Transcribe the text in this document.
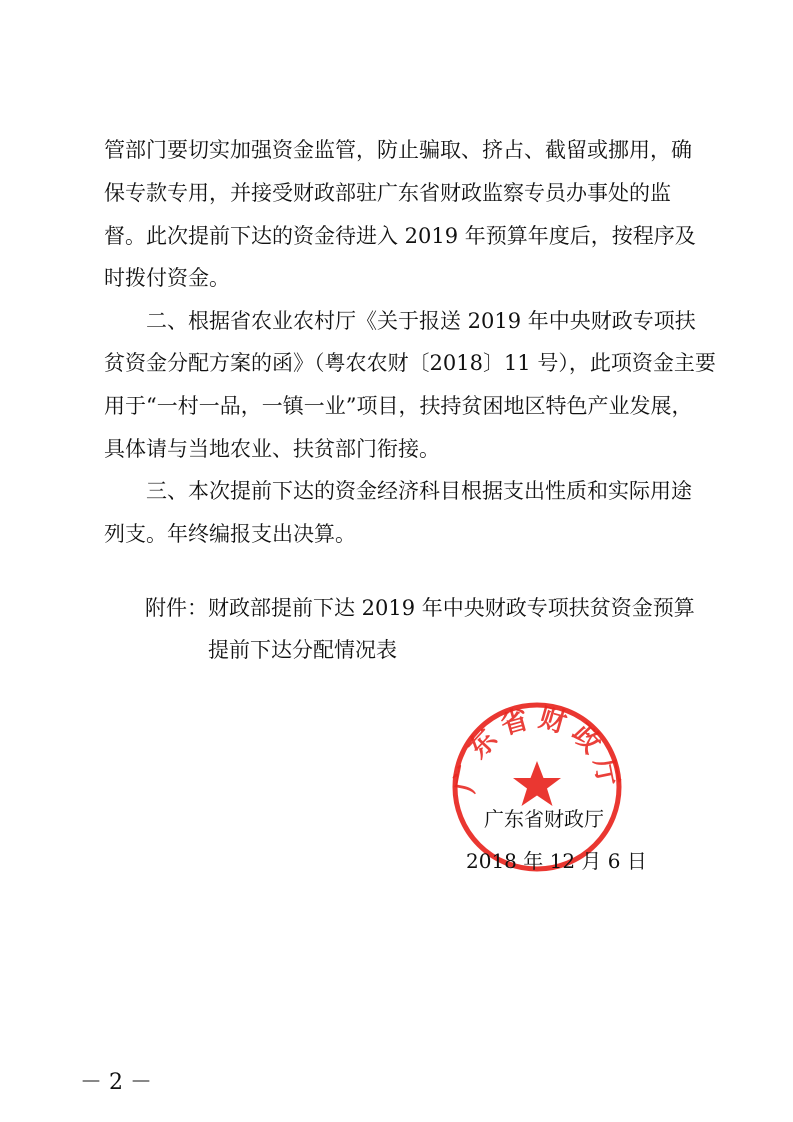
管部门要切实加强资金监管，防止骗取、挤占、截留或挪用，确
保专款专用，并接受财政部驻广东省财政监察专员办事处的监
督。此次提前下达的资金待进入 2019 年预算年度后，按程序及
时拨付资金。
　　二、根据省农业农村厅《关于报送 2019 年中央财政专项扶
贫资金分配方案的函》（粤农农财〔2018〕11 号），此项资金主要
用于“一村一品，一镇一业”项目，扶持贫困地区特色产业发展，
具体请与当地农业、扶贫部门衔接。
　　三、本次提前下达的资金经济科目根据支出性质和实际用途
列支。年终编报支出决算。
附件：财政部提前下达 2019 年中央财政专项扶贫资金预算
提前下达分配情况表
广东省财政厅
广东省财政厅
2018 年 12 月 6 日
－ 2 －
